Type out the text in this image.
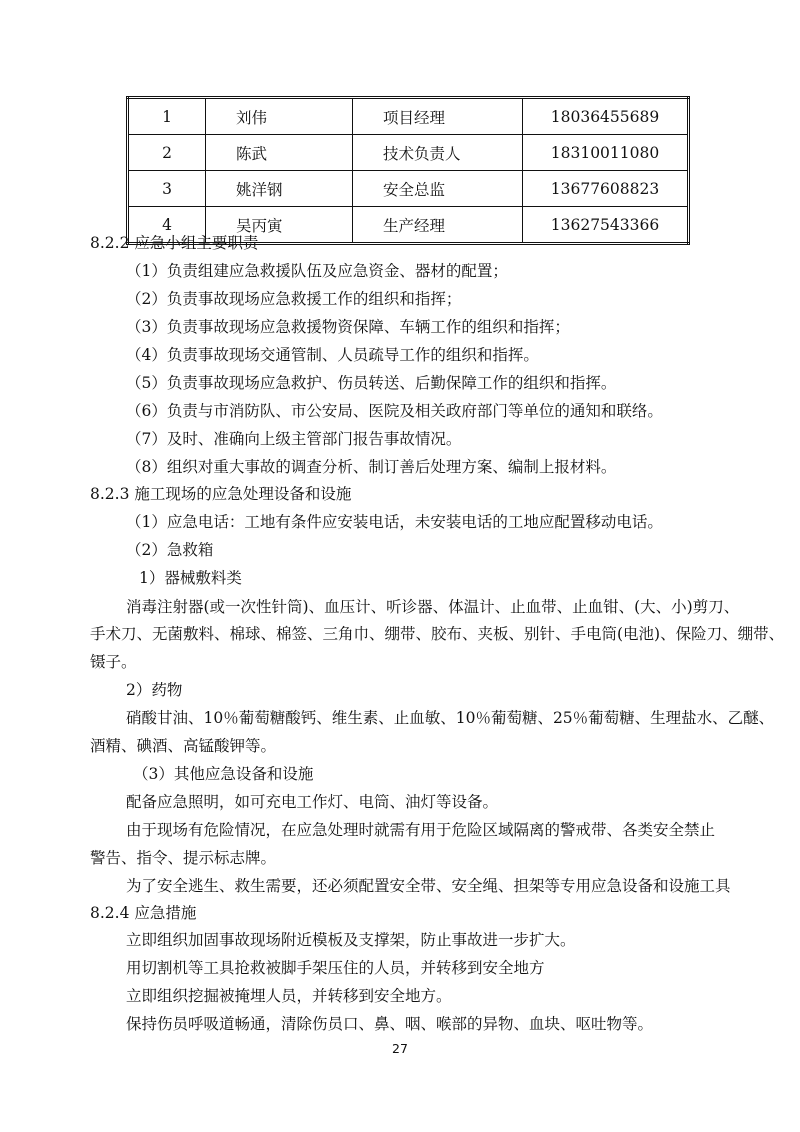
1	刘伟	项目经理	18036455689
2	陈武	技术负责人	18310011080
3	姚洋钢	安全总监	13677608823
4	吴丙寅	生产经理	13627543366
8.2.2 应急小组主要职责
（1）负责组建应急救援队伍及应急资金、器材的配置；
（2）负责事故现场应急救援工作的组织和指挥；
（3）负责事故现场应急救援物资保障、车辆工作的组织和指挥；
（4）负责事故现场交通管制、人员疏导工作的组织和指挥。
（5）负责事故现场应急救护、伤员转送、后勤保障工作的组织和指挥。
（6）负责与市消防队、市公安局、医院及相关政府部门等单位的通知和联络。
（7）及时、准确向上级主管部门报告事故情况。
（8）组织对重大事故的调查分析、制订善后处理方案、编制上报材料。
8.2.3 施工现场的应急处理设备和设施
（1）应急电话：工地有条件应安装电话，未安装电话的工地应配置移动电话。
（2）急救箱
1）器械敷料类
消毒注射器(或一次性针筒)、血压计、听诊器、体温计、止血带、止血钳、(大、小)剪刀、
手术刀、无菌敷料、棉球、棉签、三角巾、绷带、胶布、夹板、别针、手电筒(电池)、保险刀、绷带、
镊子。
2）药物
硝酸甘油、10％葡萄糖酸钙、维生素、止血敏、10％葡萄糖、25％葡萄糖、生理盐水、乙醚、
酒精、碘酒、高锰酸钾等。
（3）其他应急设备和设施
配备应急照明，如可充电工作灯、电筒、油灯等设备。
由于现场有危险情况，在应急处理时就需有用于危险区域隔离的警戒带、各类安全禁止
警告、指令、提示标志牌。
为了安全逃生、救生需要，还必须配置安全带、安全绳、担架等专用应急设备和设施工具
8.2.4 应急措施
立即组织加固事故现场附近模板及支撑架，防止事故进一步扩大。
用切割机等工具抢救被脚手架压住的人员，并转移到安全地方
立即组织挖掘被掩埋人员，并转移到安全地方。
保持伤员呼吸道畅通，清除伤员口、鼻、咽、喉部的异物、血块、呕吐物等。
27
